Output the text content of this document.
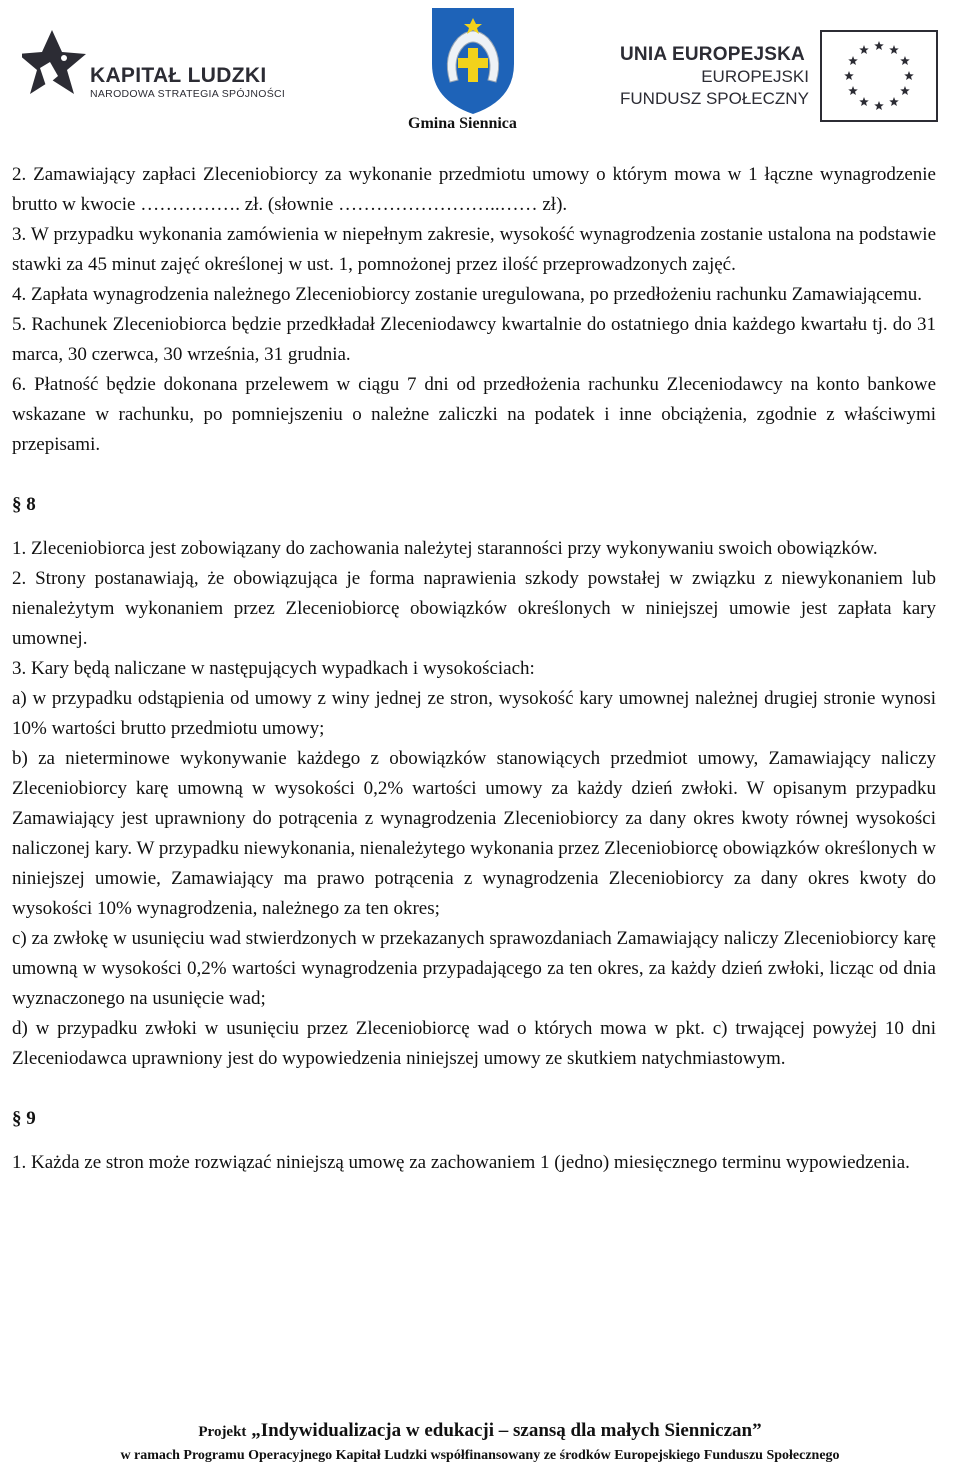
KAPITAŁ LUDZKI
NARODOWA STRATEGIA SPÓJNOŚCI
Gmina Siennica
UNIA EUROPEJSKA
EUROPEJSKI
FUNDUSZ SPOŁECZNY

2. Zamawiający zapłaci Zleceniobiorcy za wykonanie przedmiotu umowy o którym mowa w 1 łączne wynagrodzenie brutto w kwocie ……………. zł. (słownie ……………………..…… zł).

3. W przypadku wykonania zamówienia w niepełnym zakresie, wysokość wynagrodzenia zostanie ustalona na podstawie stawki za 45 minut zajęć określonej w ust. 1, pomnożonej przez ilość przeprowadzonych zajęć.

4. Zapłata wynagrodzenia należnego Zleceniobiorcy zostanie uregulowana, po przedłożeniu rachunku Zamawiającemu.

5. Rachunek Zleceniobiorca będzie przedkładał Zleceniodawcy kwartalnie do ostatniego dnia każdego kwartału tj. do 31 marca, 30 czerwca, 30 września, 31 grudnia.

6. Płatność będzie dokonana przelewem w ciągu 7 dni od przedłożenia rachunku Zleceniodawcy na konto bankowe wskazane w rachunku, po pomniejszeniu o należne zaliczki na podatek i inne obciążenia, zgodnie z właściwymi przepisami.

§ 8

1. Zleceniobiorca jest zobowiązany do zachowania należytej staranności przy wykonywaniu swoich obowiązków.

2. Strony postanawiają, że obowiązująca je forma naprawienia szkody powstałej w związku z niewykonaniem lub nienależytym wykonaniem przez Zleceniobiorcę obowiązków określonych w niniejszej umowie jest zapłata kary umownej.

3. Kary będą naliczane w następujących wypadkach i wysokościach:

a) w przypadku odstąpienia od umowy z winy jednej ze stron, wysokość kary umownej należnej drugiej stronie wynosi 10% wartości brutto przedmiotu umowy;

b) za nieterminowe wykonywanie każdego z obowiązków stanowiących przedmiot umowy, Zamawiający naliczy Zleceniobiorcy karę umowną w wysokości 0,2% wartości umowy za każdy dzień zwłoki. W opisanym przypadku Zamawiający jest uprawniony do potrącenia z wynagrodzenia Zleceniobiorcy za dany okres kwoty równej wysokości naliczonej kary. W przypadku niewykonania, nienależytego wykonania przez Zleceniobiorcę obowiązków określonych w niniejszej umowie, Zamawiający ma prawo potrącenia z wynagrodzenia Zleceniobiorcy za dany okres kwoty do wysokości 10% wynagrodzenia, należnego za ten okres;

c) za zwłokę w usunięciu wad stwierdzonych w przekazanych sprawozdaniach Zamawiający naliczy Zleceniobiorcy karę umowną w wysokości 0,2% wartości wynagrodzenia przypadającego za ten okres, za każdy dzień zwłoki, licząc od dnia wyznaczonego na usunięcie wad;

d) w przypadku zwłoki w usunięciu przez Zleceniobiorcę wad o których mowa w pkt. c) trwającej powyżej 10 dni Zleceniodawca uprawniony jest do wypowiedzenia niniejszej umowy ze skutkiem natychmiastowym.

§ 9

1. Każda ze stron może rozwiązać niniejszą umowę za zachowaniem 1 (jedno) miesięcznego terminu wypowiedzenia.

Projekt „Indywidualizacja w edukacji – szansą dla małych Sienniczan”
w ramach Programu Operacyjnego Kapitał Ludzki współfinansowany ze środków Europejskiego Funduszu Społecznego
